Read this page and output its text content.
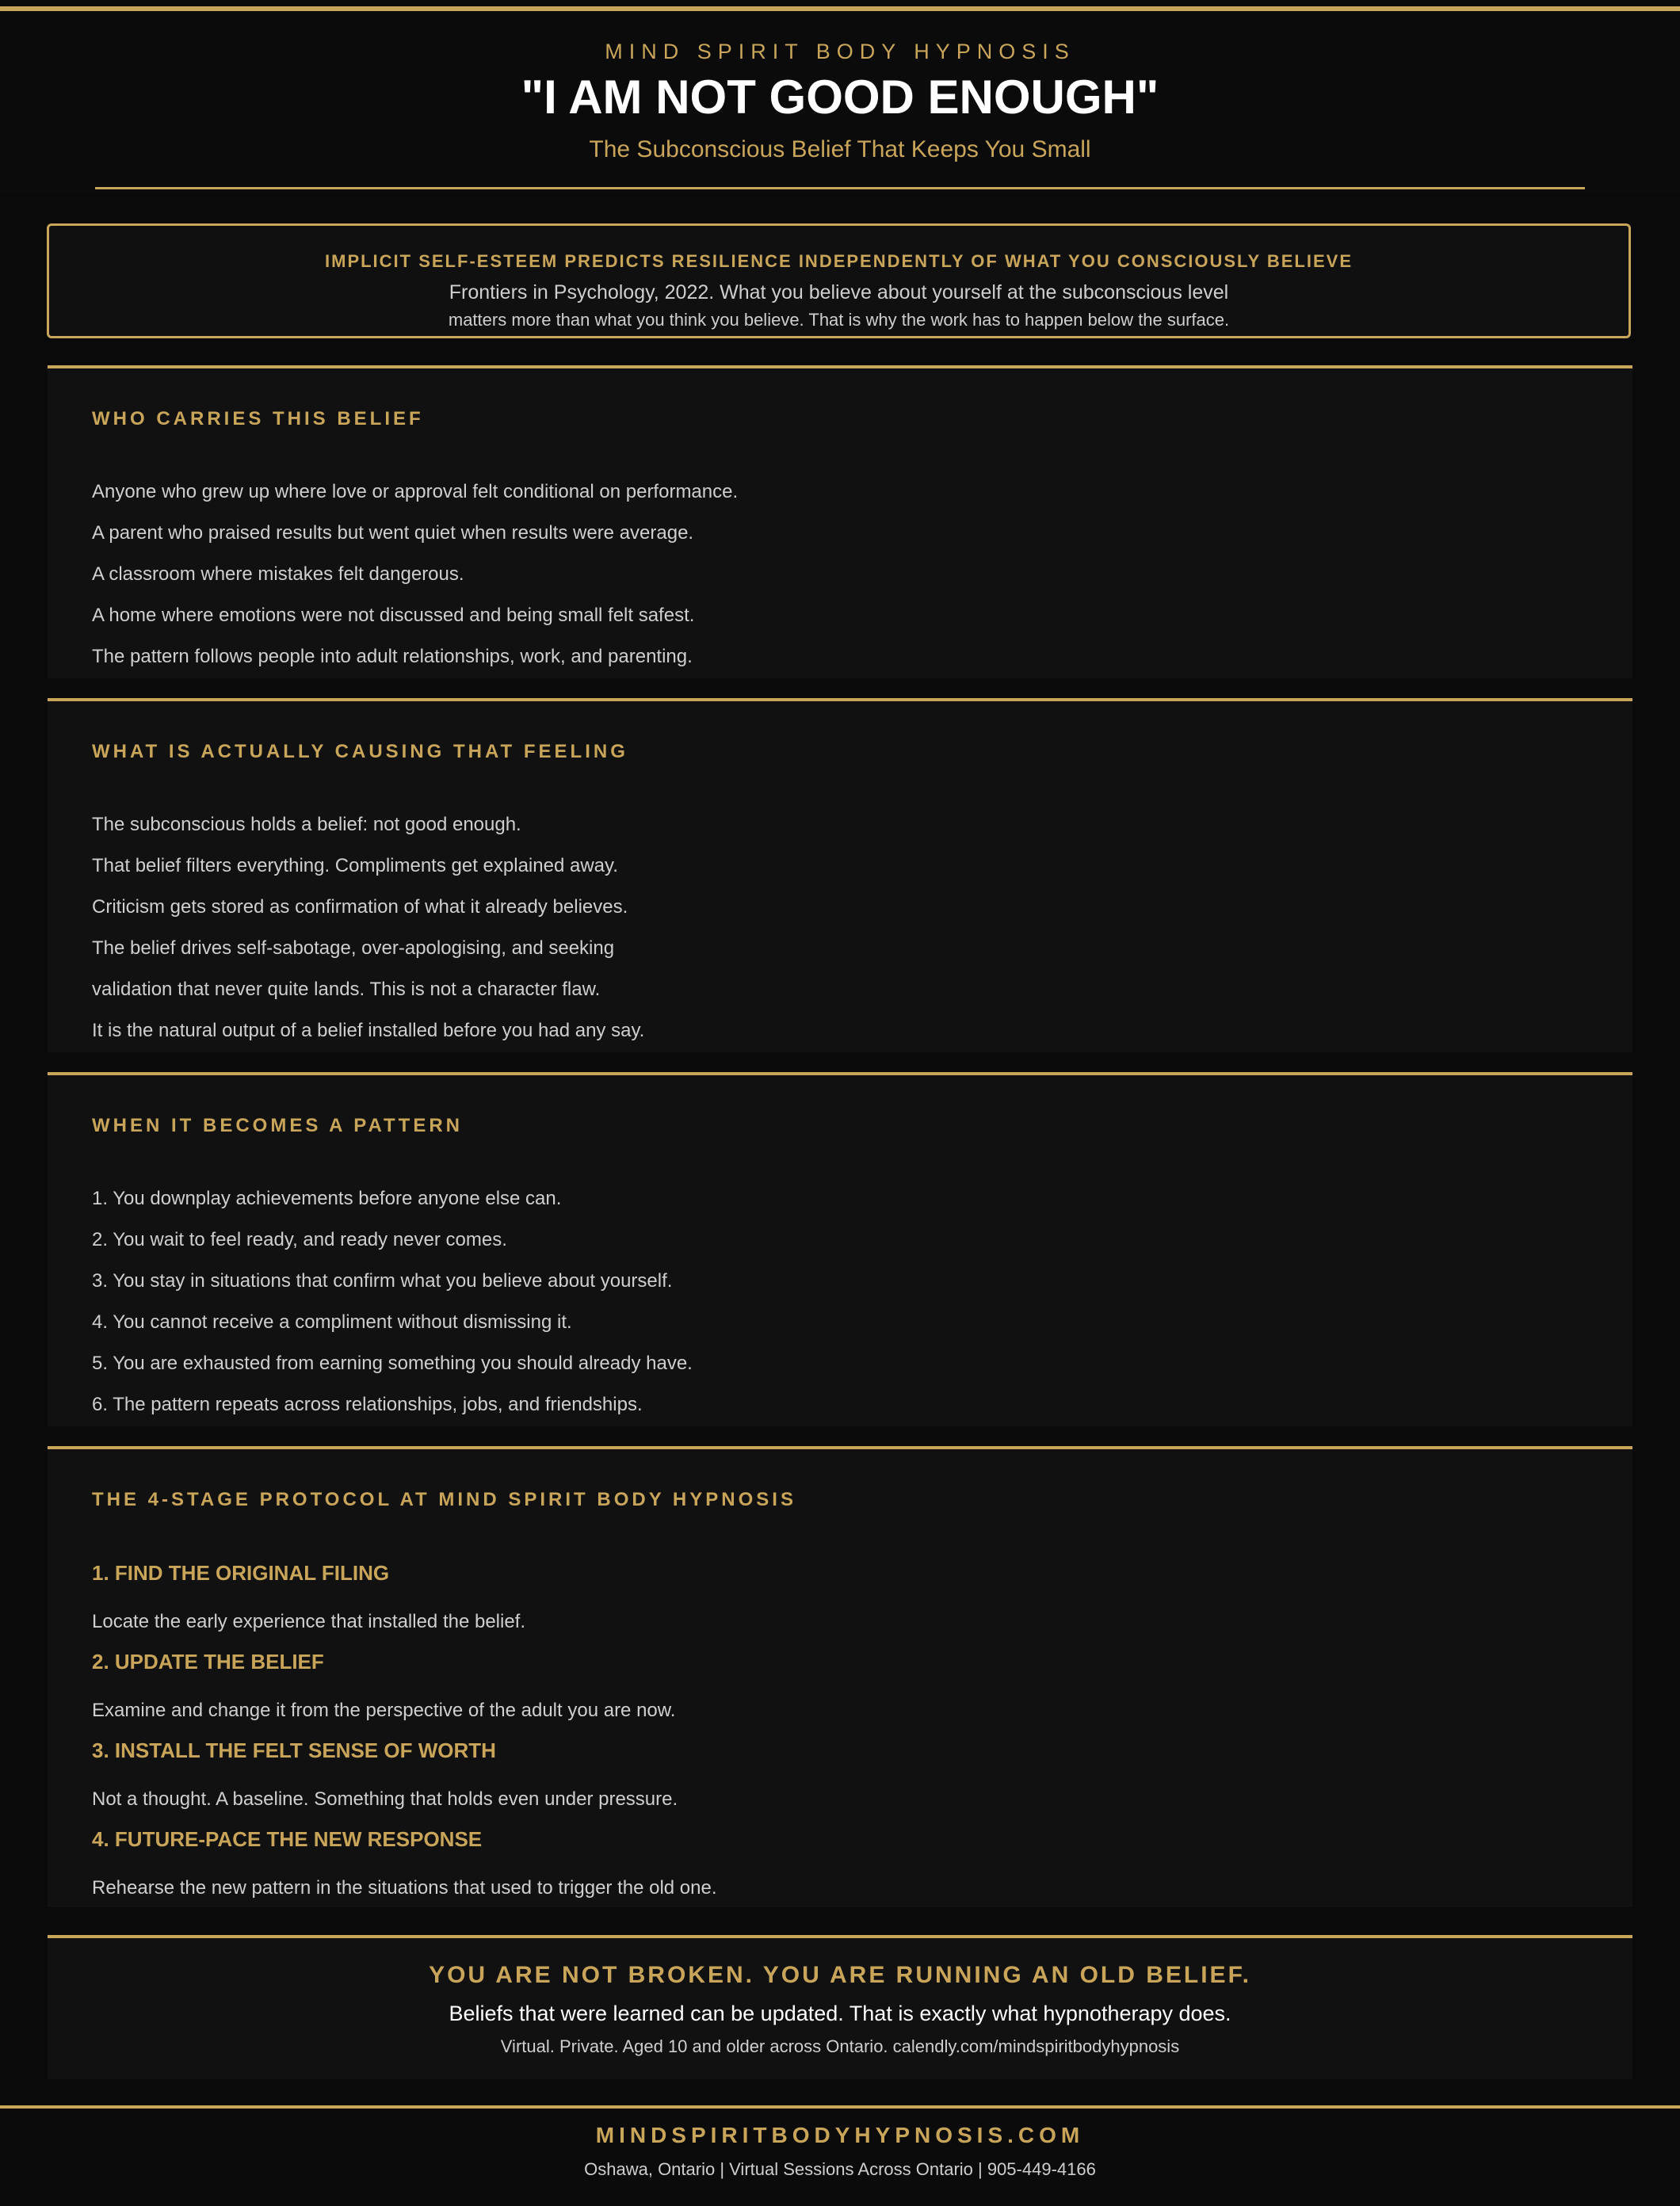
MIND SPIRIT BODY HYPNOSIS
"I AM NOT GOOD ENOUGH"
The Subconscious Belief That Keeps You Small
IMPLICIT SELF-ESTEEM PREDICTS RESILIENCE INDEPENDENTLY OF WHAT YOU CONSCIOUSLY BELIEVE
Frontiers in Psychology, 2022. What you believe about yourself at the subconscious level
matters more than what you think you believe. That is why the work has to happen below the surface.
WHO CARRIES THIS BELIEF
Anyone who grew up where love or approval felt conditional on performance.
A parent who praised results but went quiet when results were average.
A classroom where mistakes felt dangerous.
A home where emotions were not discussed and being small felt safest.
The pattern follows people into adult relationships, work, and parenting.
WHAT IS ACTUALLY CAUSING THAT FEELING
The subconscious holds a belief: not good enough.
That belief filters everything. Compliments get explained away.
Criticism gets stored as confirmation of what it already believes.
The belief drives self-sabotage, over-apologising, and seeking
validation that never quite lands. This is not a character flaw.
It is the natural output of a belief installed before you had any say.
WHEN IT BECOMES A PATTERN
1. You downplay achievements before anyone else can.
2. You wait to feel ready, and ready never comes.
3. You stay in situations that confirm what you believe about yourself.
4. You cannot receive a compliment without dismissing it.
5. You are exhausted from earning something you should already have.
6. The pattern repeats across relationships, jobs, and friendships.
THE 4-STAGE PROTOCOL AT MIND SPIRIT BODY HYPNOSIS
1. FIND THE ORIGINAL FILING
Locate the early experience that installed the belief.
2. UPDATE THE BELIEF
Examine and change it from the perspective of the adult you are now.
3. INSTALL THE FELT SENSE OF WORTH
Not a thought. A baseline. Something that holds even under pressure.
4. FUTURE-PACE THE NEW RESPONSE
Rehearse the new pattern in the situations that used to trigger the old one.
YOU ARE NOT BROKEN. YOU ARE RUNNING AN OLD BELIEF.
Beliefs that were learned can be updated. That is exactly what hypnotherapy does.
Virtual. Private. Aged 10 and older across Ontario. calendly.com/mindspiritbodyhypnosis
MINDSPIRITBODYHYPNOSIS.COM
Oshawa, Ontario | Virtual Sessions Across Ontario | 905-449-4166
